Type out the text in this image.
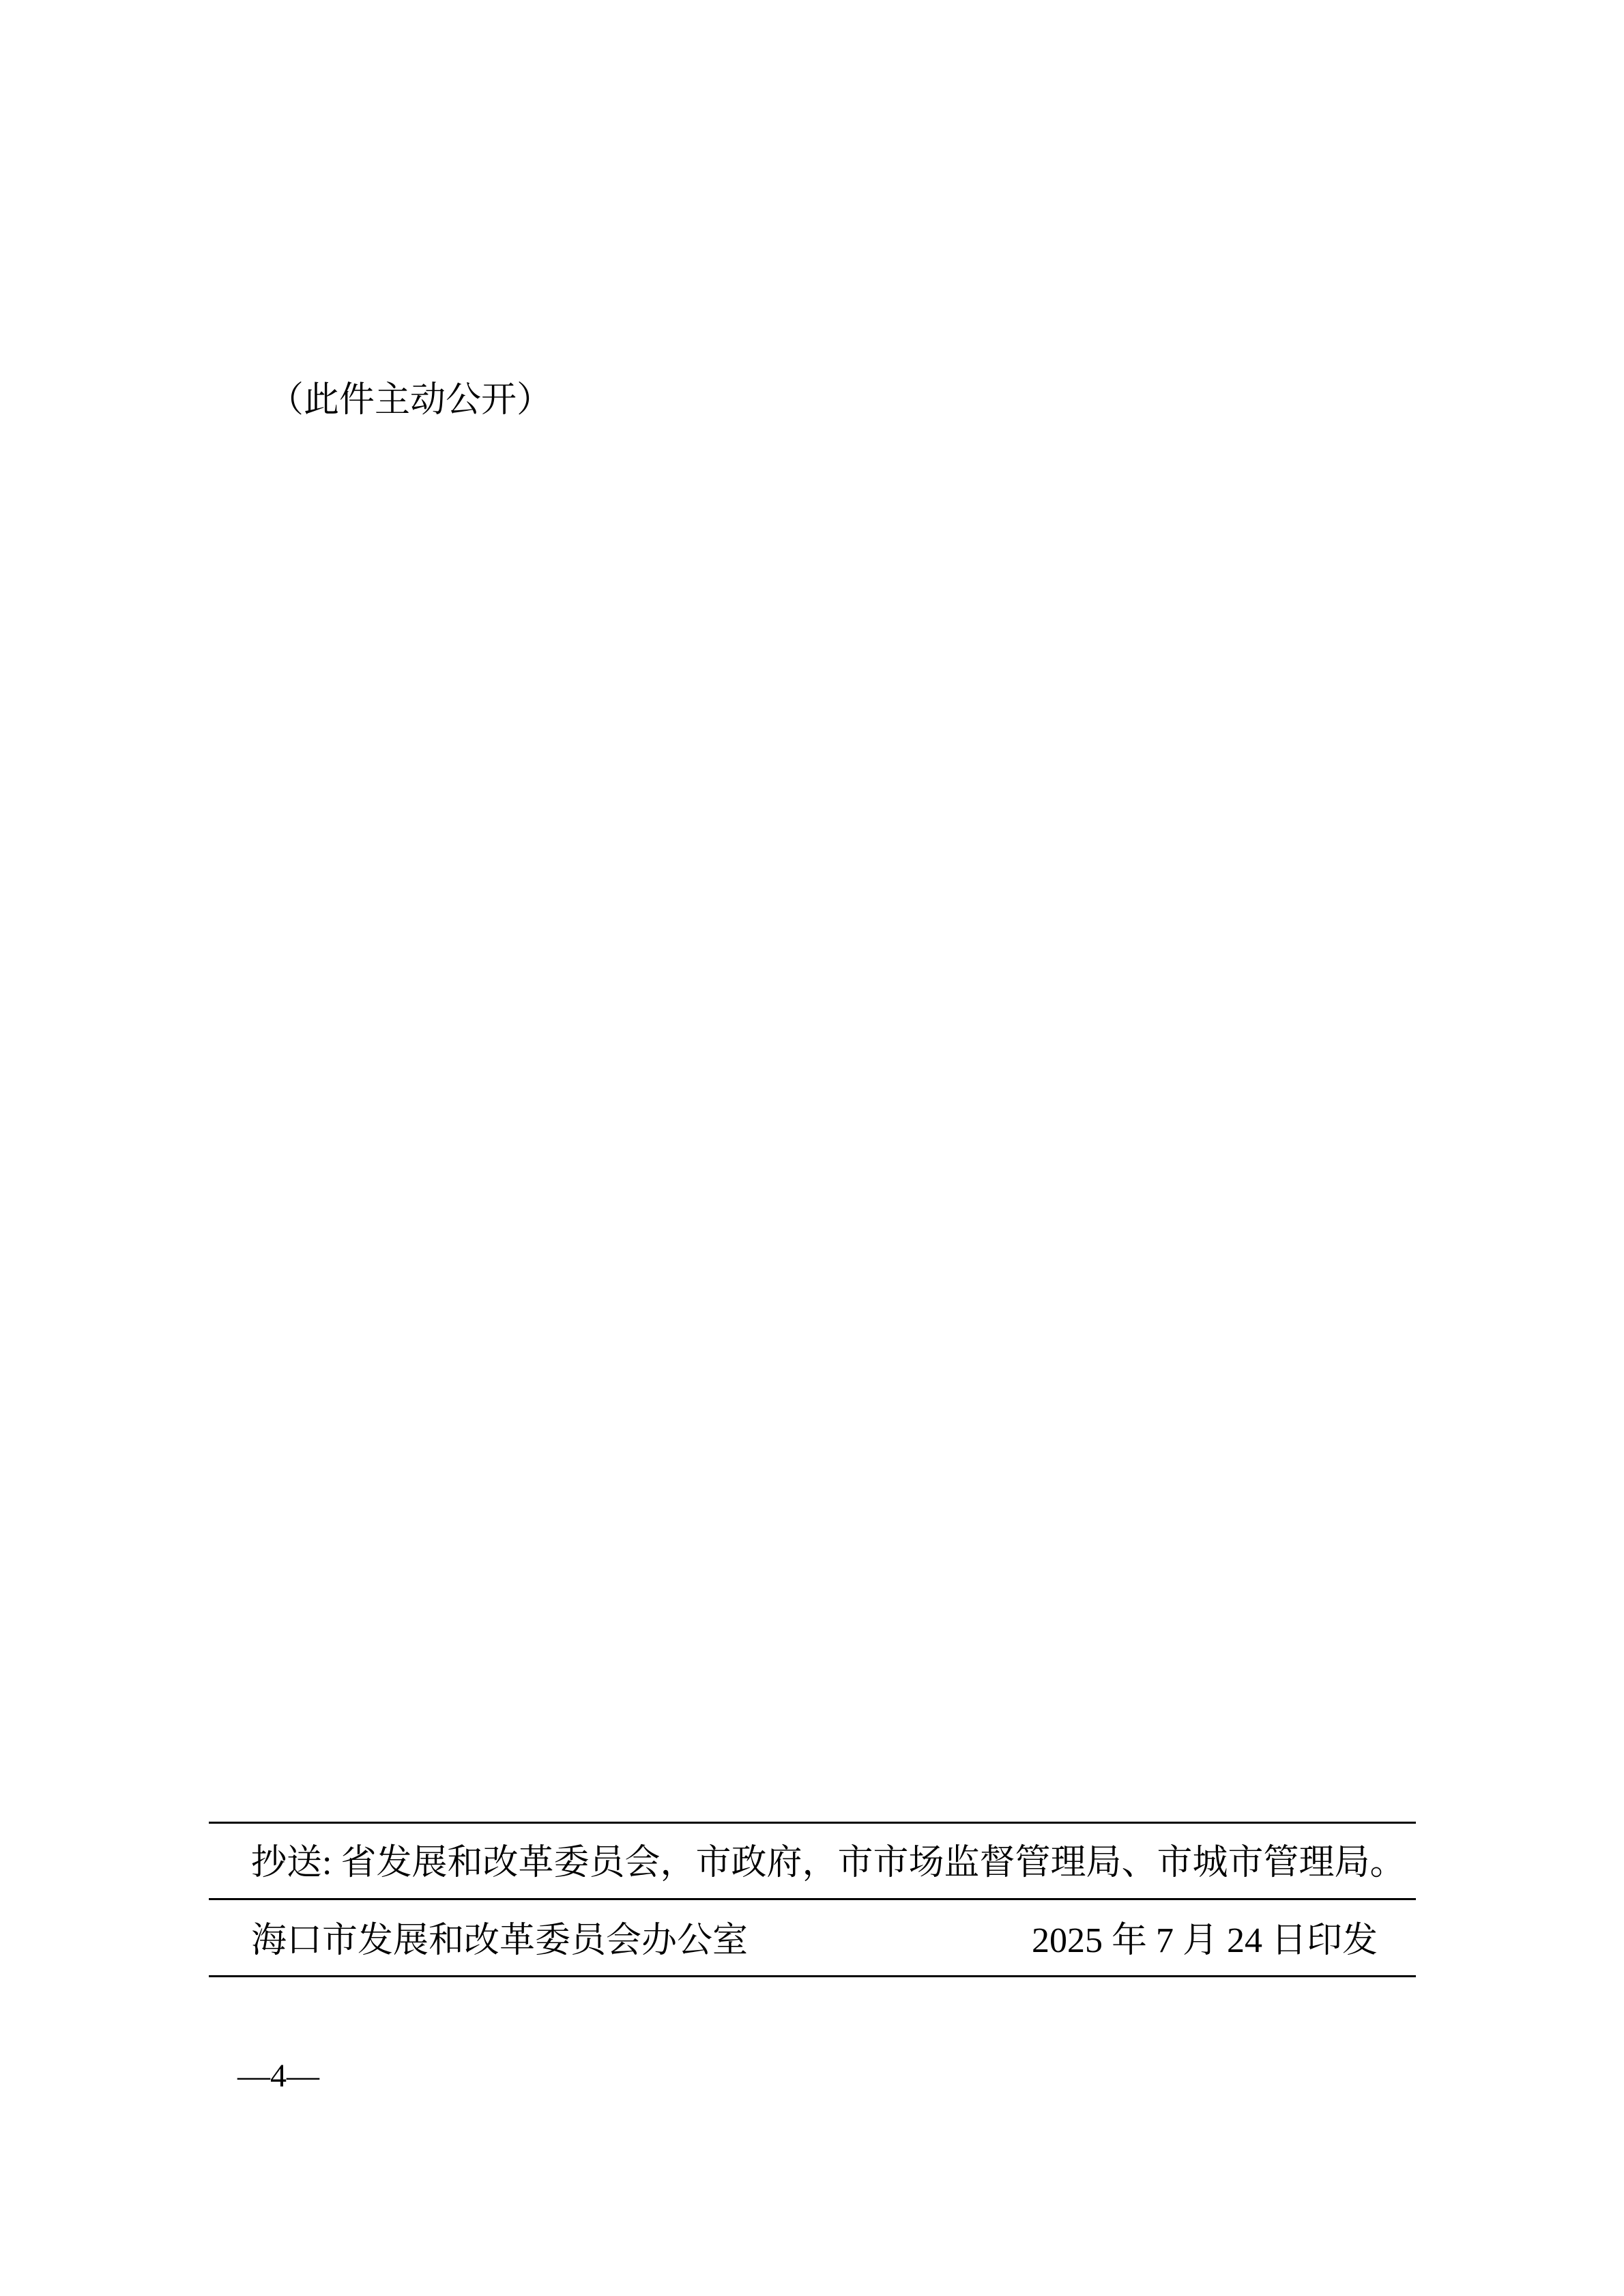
（此件主动公开）
抄送: 省发展和改革委员会，市政府，市市场监督管理局、市城市管理局。
海口市发展和改革委员会办公室	2025 年 7 月 24 日印发
—4—
